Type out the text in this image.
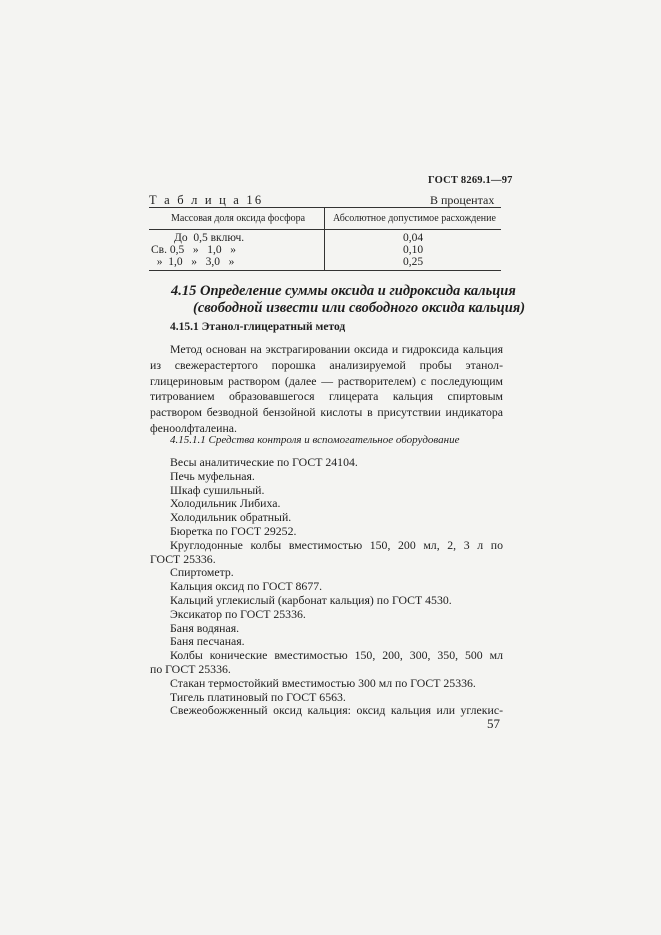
ГОСТ 8269.1—97
Т а б л и ц а 16	В процентах
Массовая доля оксида фосфора	Абсолютное допустимое расхождение
До  0,5 включ.	0,04
Св. 0,5   »   1,0   »	0,10
»  1,0   »   3,0   »	0,25
4.15 Определение суммы оксида и гидроксида кальция
(свободной извести или свободного оксида кальция)
4.15.1 Этанол-глицератный метод

Метод основан на экстрагировании оксида и гидроксида кальция из свежерастертого порошка анализируемой пробы этанол-глицериновым раствором (далее — растворителем) с последующим титрованием образовавшегося глицерата кальция спиртовым раствором безводной бензойной кислоты в присутствии индикатора феноолфталеина.

4.15.1.1 Средства контроля и вспомогательное оборудование
Весы аналитические по ГОСТ 24104.
Печь муфельная.
Шкаф сушильный.
Холодильник Либиха.
Холодильник обратный.
Бюретка по ГОСТ 29252.
Круглодонные колбы вместимостью 150, 200 мл, 2, 3 л по
ГОСТ 25336.
Спиртометр.
Кальция оксид по ГОСТ 8677.
Кальций углекислый (карбонат кальция) по ГОСТ 4530.
Эксикатор по ГОСТ 25336.
Баня водяная.
Баня песчаная.
Колбы конические вместимостью 150, 200, 300, 350, 500 мл
по ГОСТ 25336.
Стакан термостойкий вместимостью 300 мл по ГОСТ 25336.
Тигель платиновый по ГОСТ 6563.
Свежеобожженный оксид кальция: оксид кальция или углекис-
57
